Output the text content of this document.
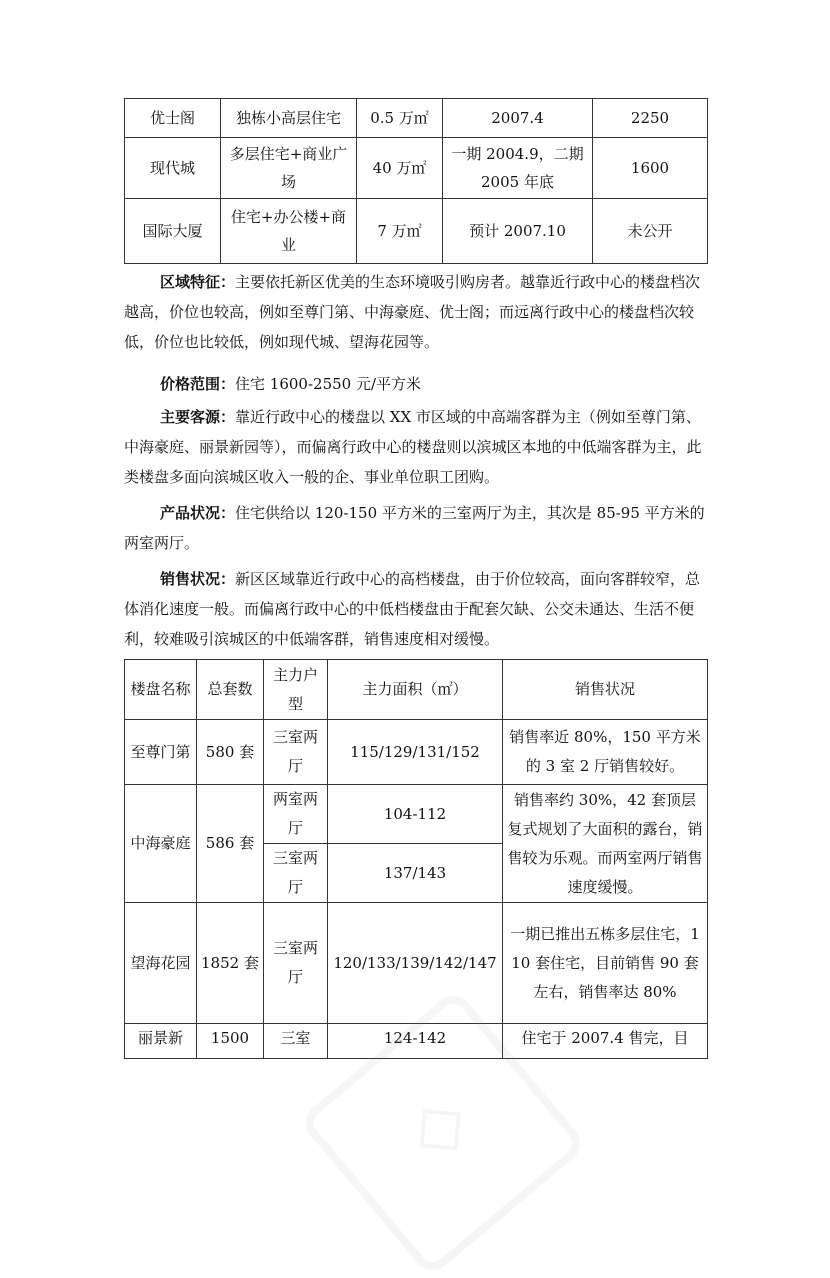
优士阁	独栋小高层住宅	0.5 万㎡	2007.4	2250
现代城	多层住宅+商业广场	40 万㎡	一期 2004.9，二期 2005 年底	1600
国际大厦	住宅+办公楼+商业	7 万㎡	预计 2007.10	未公开

区域特征：主要依托新区优美的生态环境吸引购房者。越靠近行政中心的楼盘档次越高，价位也较高，例如至尊门第、中海豪庭、优士阁；而远离行政中心的楼盘档次较低，价位也比较低，例如现代城、望海花园等。

价格范围：住宅 1600-2550 元/平方米

主要客源：靠近行政中心的楼盘以 XX 市区域的中高端客群为主（例如至尊门第、中海豪庭、丽景新园等），而偏离行政中心的楼盘则以滨城区本地的中低端客群为主，此类楼盘多面向滨城区收入一般的企、事业单位职工团购。

产品状况：住宅供给以 120-150 平方米的三室两厅为主，其次是 85-95 平方米的两室两厅。

销售状况：新区区域靠近行政中心的高档楼盘，由于价位较高，面向客群较窄，总体消化速度一般。而偏离行政中心的中低档楼盘由于配套欠缺、公交未通达、生活不便利，较难吸引滨城区的中低端客群，销售速度相对缓慢。

楼盘名称	总套数	主力户型	主力面积（㎡）	销售状况
至尊门第	580 套	三室两厅	115/129/131/152	销售率近 80%，150 平方米的 3 室 2 厅销售较好。
中海豪庭	586 套	两室两厅	104-112	销售率约 30%，42 套顶层复式规划了大面积的露台，销售较为乐观。而两室两厅销售速度缓慢。
		三室两厅	137/143	
望海花园	1852 套	三室两厅	120/133/139/142/147	一期已推出五栋多层住宅，110 套住宅，目前销售 90 套左右，销售率达 80%
丽景新	1500	三室	124-142	住宅于 2007.4 售完，目
◇
